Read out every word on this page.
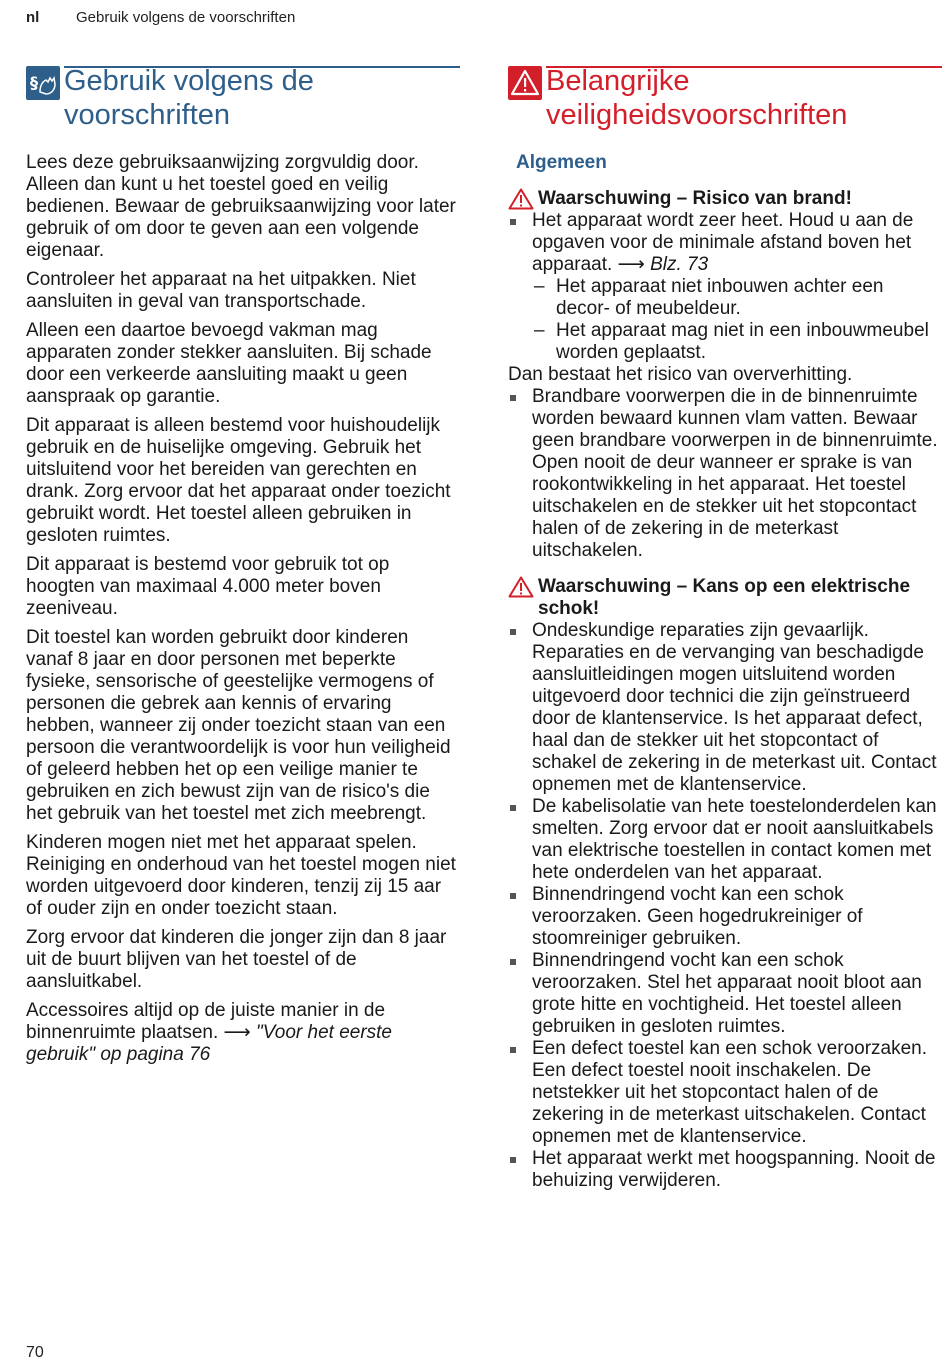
nl Gebruik volgens de voorschriften
§ Gebruik volgens de voorschriften
Belangrijke veiligheidsvoorschriften

Lees deze gebruiksaanwijzing zorgvuldig door. Alleen dan kunt u het toestel goed en veilig bedienen. Bewaar de gebruiksaanwijzing voor later gebruik of om door te geven aan een volgende eigenaar.

Controleer het apparaat na het uitpakken. Niet aansluiten in geval van transportschade.

Alleen een daartoe bevoegd vakman mag apparaten zonder stekker aansluiten. Bij schade door een verkeerde aansluiting maakt u geen aanspraak op garantie.

Dit apparaat is alleen bestemd voor huishoudelijk gebruik en de huiselijke omgeving. Gebruik het uitsluitend voor het bereiden van gerechten en drank. Zorg ervoor dat het apparaat onder toezicht gebruikt wordt. Het toestel alleen gebruiken in gesloten ruimtes.

Dit apparaat is bestemd voor gebruik tot op hoogten van maximaal 4.000 meter boven zeeniveau.

Dit toestel kan worden gebruikt door kinderen vanaf 8 jaar en door personen met beperkte fysieke, sensorische of geestelijke vermogens of personen die gebrek aan kennis of ervaring hebben, wanneer zij onder toezicht staan van een persoon die verantwoordelijk is voor hun veiligheid of geleerd hebben het op een veilige manier te gebruiken en zich bewust zijn van de risico's die het gebruik van het toestel met zich meebrengt.

Kinderen mogen niet met het apparaat spelen. Reiniging en onderhoud van het toestel mogen niet worden uitgevoerd door kinderen, tenzij zij 15 aar of ouder zijn en onder toezicht staan.

Zorg ervoor dat kinderen die jonger zijn dan 8 jaar uit de buurt blijven van het toestel of de aansluitkabel.

Accessoires altijd op de juiste manier in de binnenruimte plaatsen. ⟶ "Voor het eerste gebruik" op pagina 76

Algemeen

Waarschuwing – Risico van brand!

Het apparaat wordt zeer heet. Houd u aan de opgaven voor de minimale afstand boven het apparaat. ⟶ Blz. 73
– Het apparaat niet inbouwen achter een decor- of meubeldeur.
– Het apparaat mag niet in een inbouwmeubel worden geplaatst.

Dan bestaat het risico van oververhitting.

Brandbare voorwerpen die in de binnenruimte worden bewaard kunnen vlam vatten. Bewaar geen brandbare voorwerpen in de binnenruimte. Open nooit de deur wanneer er sprake is van rookontwikkeling in het apparaat. Het toestel uitschakelen en de stekker uit het stopcontact halen of de zekering in de meterkast uitschakelen.

Waarschuwing – Kans op een elektrische schok!

Ondeskundige reparaties zijn gevaarlijk. Reparaties en de vervanging van beschadigde aansluitleidingen mogen uitsluitend worden uitgevoerd door technici die zijn geïnstrueerd door de klantenservice. Is het apparaat defect, haal dan de stekker uit het stopcontact of schakel de zekering in de meterkast uit. Contact opnemen met de klantenservice.
De kabelisolatie van hete toestelonderdelen kan smelten. Zorg ervoor dat er nooit aansluitkabels van elektrische toestellen in contact komen met hete onderdelen van het apparaat.
Binnendringend vocht kan een schok veroorzaken. Geen hogedrukreiniger of stoomreiniger gebruiken.
Binnendringend vocht kan een schok veroorzaken. Stel het apparaat nooit bloot aan grote hitte en vochtigheid. Het toestel alleen gebruiken in gesloten ruimtes.
Een defect toestel kan een schok veroorzaken. Een defect toestel nooit inschakelen. De netstekker uit het stopcontact halen of de zekering in de meterkast uitschakelen. Contact opnemen met de klantenservice.
Het apparaat werkt met hoogspanning. Nooit de behuizing verwijderen.
70
